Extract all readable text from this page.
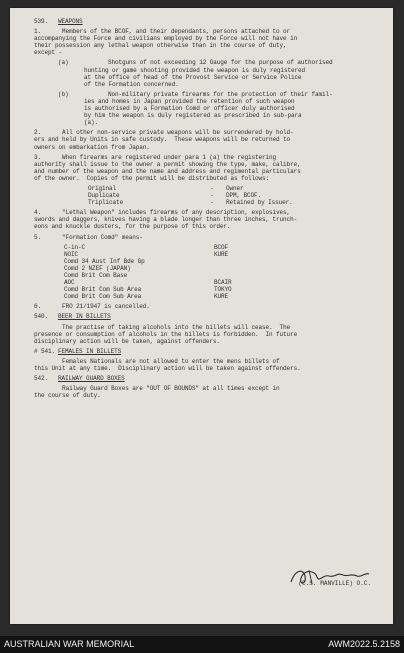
539. WEAPONS
1.      Members of the BCOF, and their dependants, persons attached to or
accompanying the Force and civilians employed by the Force will not have in
their possession any lethal weapon otherwise than in the course of duty,
except -
(a)	Shotguns of not exceeding 12 Gauge for the purpose of authorised
hunting or game shooting provided the weapon is duly registered
at the office of head of the Provost Service or Service Police
of the Formation concerned.
(b)	Non-military private firearms for the protection of their famil-
ies and homes in Japan provided the retention of such weapon
is authorised by a Formation Comd or officer duly authorised
by him the weapon is duly registered as prescribed in sub-para
(a).
2.      All other non-service private weapons will be surrendered by hold-
ers and held by Units in safe custody.  These weapons will be returned to
owners on embarkation from Japan.
3.      When firearms are registered under para 1 (a) the registering
authority shall issue to the owner a permit showing the type, make, calibre,
and number of the weapon and the name and address and regimental particulars
of the owner.  Copies of the permit will be distributed as follows:
Original	-	Owner
Duplicate	-	DPM, BCOF.
Triplicate	-	Retained by Issuer.
4.      "Lethal Weapon" includes firearms of any description, explosives,
swords and daggers, knives having a blade longer than three inches, trunch-
eons and knuckle dusters, for the purpose of this order.
5.      "Formation Comd" means-
C-in-C	BCOF
NOIC	KURE
Comd 34 Aust Inf Bde Gp
Comd 2 NZEF (JAPAN)
Comd Brit Com Base
AOC	BCAIR
Comd Brit Com Sub Area	TOKYO
Comd Brit Com Sub Area	KURE
6.      FRO 21/1947 is cancelled.
540. BEER IN BILLETS
The practise of taking alcohols into the billets will cease.  The
presence or consumption of alcohols in the billets is forbidden.  In future
disciplinary action will be taken, against offenders.
# 541. FEMALES IN BILLETS
Females Nationals are not allowed to enter the mens billets of
this Unit at any time.  Disciplinary action will be taken against offenders.
542. RAILWAY GUARD BOXES
Railway Guard Boxes are "OUT OF BOUNDS" at all times except in
the course of duty.
(C.S. MANVILLE) O.C.
AUSTRALIAN WAR MEMORIAL	AWM2022.5.2158
